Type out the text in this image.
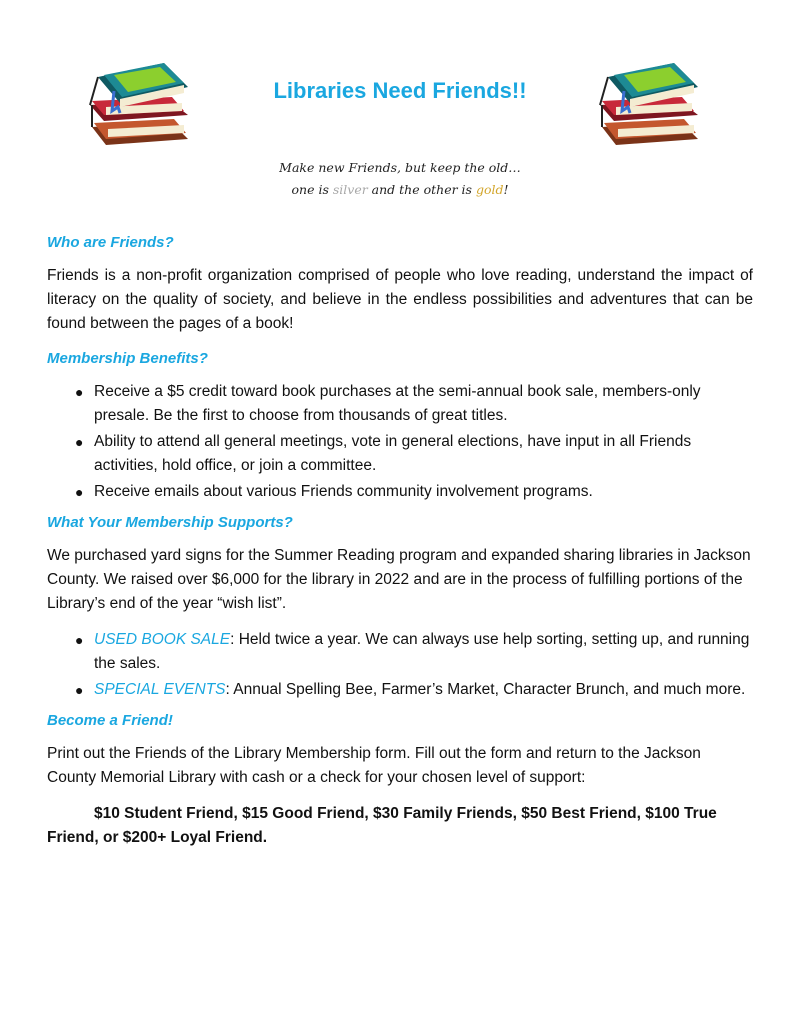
Libraries Need Friends!!
Make new Friends, but keep the old…
one is silver and the other is gold!
Who are Friends?

Friends is a non-profit organization comprised of people who love reading, understand the impact of literacy on the quality of society, and believe in the endless possibilities and adventures that can be found between the pages of a book!

Membership Benefits?
● Receive a $5 credit toward book purchases at the semi-annual book sale, members-only presale. Be the first to choose from thousands of great titles.
● Ability to attend all general meetings, vote in general elections, have input in all Friends activities, hold office, or join a committee.
● Receive emails about various Friends community involvement programs.
What Your Membership Supports?

We purchased yard signs for the Summer Reading program and expanded sharing libraries in Jackson County. We raised over $6,000 for the library in 2022 and are in the process of fulfilling portions of the Library’s end of the year “wish list”.

● USED BOOK SALE: Held twice a year. We can always use help sorting, setting up, and running the sales.
● SPECIAL EVENTS: Annual Spelling Bee, Farmer’s Market, Character Brunch, and much more.
Become a Friend!

Print out the Friends of the Library Membership form. Fill out the form and return to the Jackson County Memorial Library with cash or a check for your chosen level of support:

$10 Student Friend, $15 Good Friend, $30 Family Friends, $50 Best Friend, $100 True Friend, or $200+ Loyal Friend.
